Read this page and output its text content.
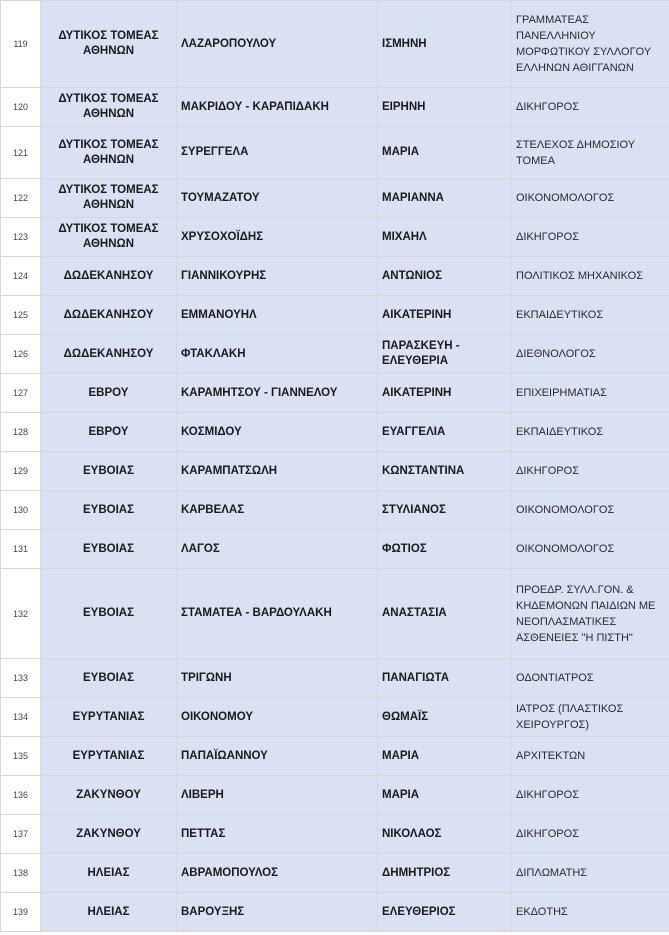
119	ΔΥΤΙΚΟΣ ΤΟΜΕΑΣ ΑΘΗΝΩΝ	ΛΑΖΑΡΟΠΟΥΛΟΥ	ΙΣΜΗΝΗ	ΓΡΑΜΜΑΤΕΑΣ ΠΑΝΕΛΛΗΝΙΟΥ ΜΟΡΦΩΤΙΚΟΥ ΣΥΛΛΟΓΟΥ ΕΛΛΗΝΩΝ ΑΘΙΓΓΑΝΩΝ
120	ΔΥΤΙΚΟΣ ΤΟΜΕΑΣ ΑΘΗΝΩΝ	ΜΑΚΡΙΔΟΥ - ΚΑΡΑΠΙΔΑΚΗ	ΕΙΡΗΝΗ	ΔΙΚΗΓΟΡΟΣ
121	ΔΥΤΙΚΟΣ ΤΟΜΕΑΣ ΑΘΗΝΩΝ	ΣΥΡΕΓΓΕΛΑ	ΜΑΡΙΑ	ΣΤΕΛΕΧΟΣ ΔΗΜΟΣΙΟΥ ΤΟΜΕΑ
122	ΔΥΤΙΚΟΣ ΤΟΜΕΑΣ ΑΘΗΝΩΝ	ΤΟΥΜΑΖΑΤΟΥ	ΜΑΡΙΑΝΝΑ	ΟΙΚΟΝΟΜΟΛΟΓΟΣ
123	ΔΥΤΙΚΟΣ ΤΟΜΕΑΣ ΑΘΗΝΩΝ	ΧΡΥΣΟΧΟΪΔΗΣ	ΜΙΧΑΗΛ	ΔΙΚΗΓΟΡΟΣ
124	ΔΩΔΕΚΑΝΗΣΟΥ	ΓΙΑΝΝΙΚΟΥΡΗΣ	ΑΝΤΩΝΙΟΣ	ΠΟΛΙΤΙΚΟΣ ΜΗΧΑΝΙΚΟΣ
125	ΔΩΔΕΚΑΝΗΣΟΥ	ΕΜΜΑΝΟΥΗΛ	ΑΙΚΑΤΕΡΙΝΗ	ΕΚΠΑΙΔΕΥΤΙΚΟΣ
126	ΔΩΔΕΚΑΝΗΣΟΥ	ΦΤΑΚΛΑΚΗ	ΠΑΡΑΣΚΕΥΗ - ΕΛΕΥΘΕΡΙΑ	ΔΙΕΘΝΟΛΟΓΟΣ
127	ΕΒΡΟΥ	ΚΑΡΑΜΗΤΣΟΥ - ΓΙΑΝΝΕΛΟΥ	ΑΙΚΑΤΕΡΙΝΗ	ΕΠΙΧΕΙΡΗΜΑΤΙΑΣ
128	ΕΒΡΟΥ	ΚΟΣΜΙΔΟΥ	ΕΥΑΓΓΕΛΙΑ	ΕΚΠΑΙΔΕΥΤΙΚΟΣ
129	ΕΥΒΟΙΑΣ	ΚΑΡΑΜΠΑΤΣΩΛΗ	ΚΩΝΣΤΑΝΤΙΝΑ	ΔΙΚΗΓΟΡΟΣ
130	ΕΥΒΟΙΑΣ	ΚΑΡΒΕΛΑΣ	ΣΤΥΛΙΑΝΟΣ	ΟΙΚΟΝΟΜΟΛΟΓΟΣ
131	ΕΥΒΟΙΑΣ	ΛΑΓΟΣ	ΦΩΤΙΟΣ	ΟΙΚΟΝΟΜΟΛΟΓΟΣ
132	ΕΥΒΟΙΑΣ	ΣΤΑΜΑΤΕΑ - ΒΑΡΔΟΥΛΑΚΗ	ΑΝΑΣΤΑΣΙΑ	ΠΡΟΕΔΡ. ΣΥΛΛ.ΓΟΝ. & ΚΗΔΕΜΟΝΩΝ ΠΑΙΔΙΩΝ ΜΕ ΝΕΟΠΛΑΣΜΑΤΙΚΕΣ ΑΣΘΕΝΕΙΕΣ "Η ΠΙΣΤΗ"
133	ΕΥΒΟΙΑΣ	ΤΡΙΓΩΝΗ	ΠΑΝΑΓΙΩΤΑ	ΟΔΟΝΤΙΑΤΡΟΣ
134	ΕΥΡΥΤΑΝΙΑΣ	ΟΙΚΟΝΟΜΟΥ	ΘΩΜΑΪΣ	ΙΑΤΡΟΣ (ΠΛΑΣΤΙΚΟΣ ΧΕΙΡΟΥΡΓΟΣ)
135	ΕΥΡΥΤΑΝΙΑΣ	ΠΑΠΑΪΩΑΝΝΟΥ	ΜΑΡΙΑ	ΑΡΧΙΤΕΚΤΩΝ
136	ΖΑΚΥΝΘΟΥ	ΛΙΒΕΡΗ	ΜΑΡΙΑ	ΔΙΚΗΓΟΡΟΣ
137	ΖΑΚΥΝΘΟΥ	ΠΕΤΤΑΣ	ΝΙΚΟΛΑΟΣ	ΔΙΚΗΓΟΡΟΣ
138	ΗΛΕΙΑΣ	ΑΒΡΑΜΟΠΟΥΛΟΣ	ΔΗΜΗΤΡΙΟΣ	ΔΙΠΛΩΜΑΤΗΣ
139	ΗΛΕΙΑΣ	ΒΑΡΟΥΞΗΣ	ΕΛΕΥΘΕΡΙΟΣ	ΕΚΔΟΤΗΣ
